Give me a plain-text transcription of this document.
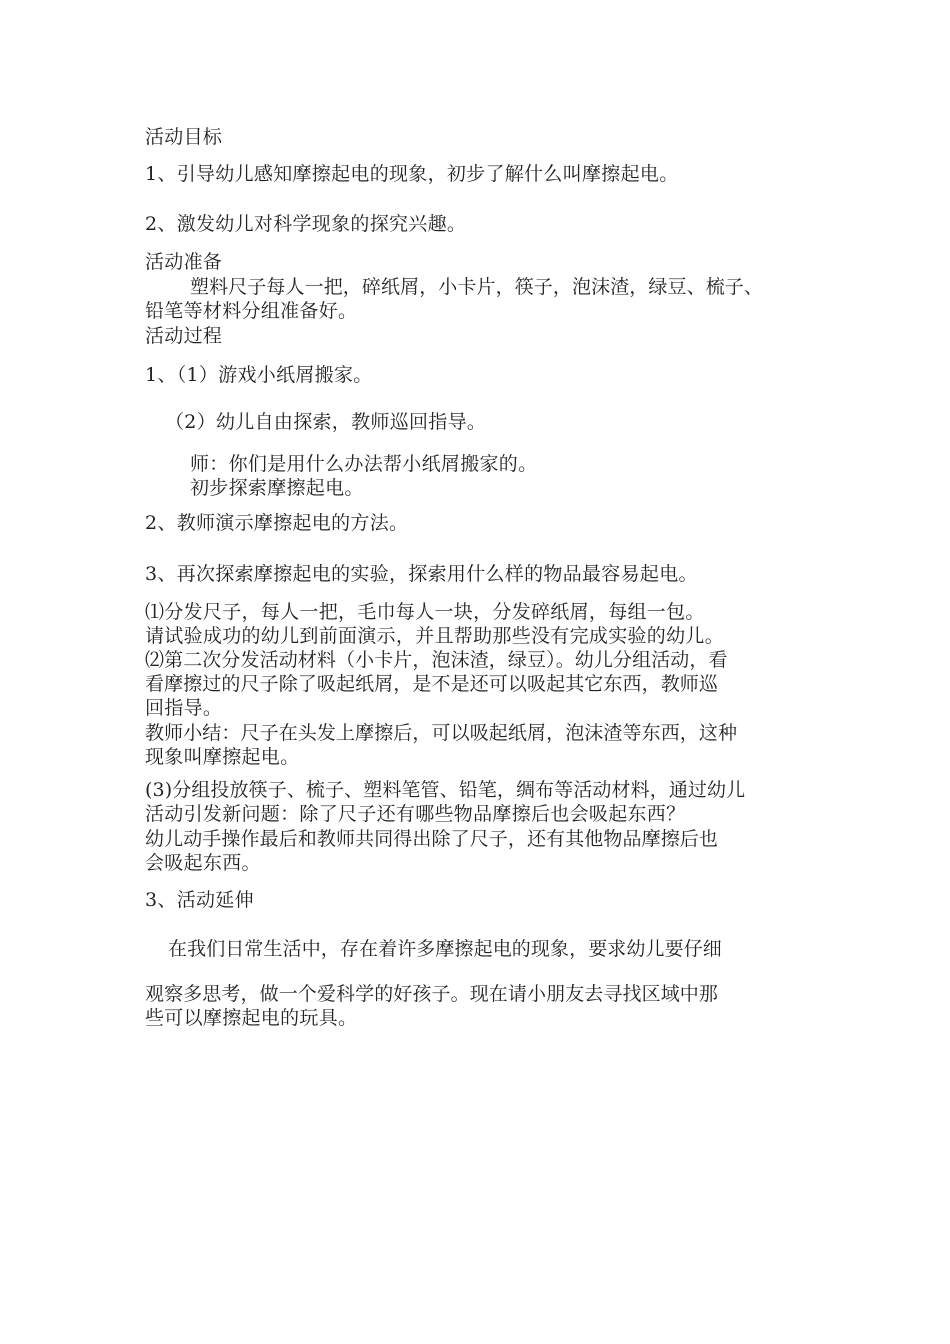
活动目标
1、引导幼儿感知摩擦起电的现象，初步了解什么叫摩擦起电。
2、激发幼儿对科学现象的探究兴趣。
活动准备
塑料尺子每人一把，碎纸屑，小卡片，筷子，泡沫渣，绿豆、梳子、
铅笔等材料分组准备好。
活动过程
1、（1）游戏小纸屑搬家。
（2）幼儿自由探索，教师巡回指导。
师：你们是用什么办法帮小纸屑搬家的。
初步探索摩擦起电。
2、教师演示摩擦起电的方法。
3、再次探索摩擦起电的实验，探索用什么样的物品最容易起电。
⑴分发尺子，每人一把，毛巾每人一块，分发碎纸屑，每组一包。
请试验成功的幼儿到前面演示，并且帮助那些没有完成实验的幼儿。
⑵第二次分发活动材料（小卡片，泡沫渣，绿豆）。幼儿分组活动，看
看摩擦过的尺子除了吸起纸屑，是不是还可以吸起其它东西，教师巡
回指导。
教师小结：尺子在头发上摩擦后，可以吸起纸屑，泡沫渣等东西，这种
现象叫摩擦起电。
(3)分组投放筷子、梳子、塑料笔管、铅笔，绸布等活动材料，通过幼儿
活动引发新问题：除了尺子还有哪些物品摩擦后也会吸起东西？
幼儿动手操作最后和教师共同得出除了尺子，还有其他物品摩擦后也
会吸起东西。
3、活动延伸
在我们日常生活中，存在着许多摩擦起电的现象，要求幼儿要仔细
观察多思考，做一个爱科学的好孩子。现在请小朋友去寻找区域中那
些可以摩擦起电的玩具。
